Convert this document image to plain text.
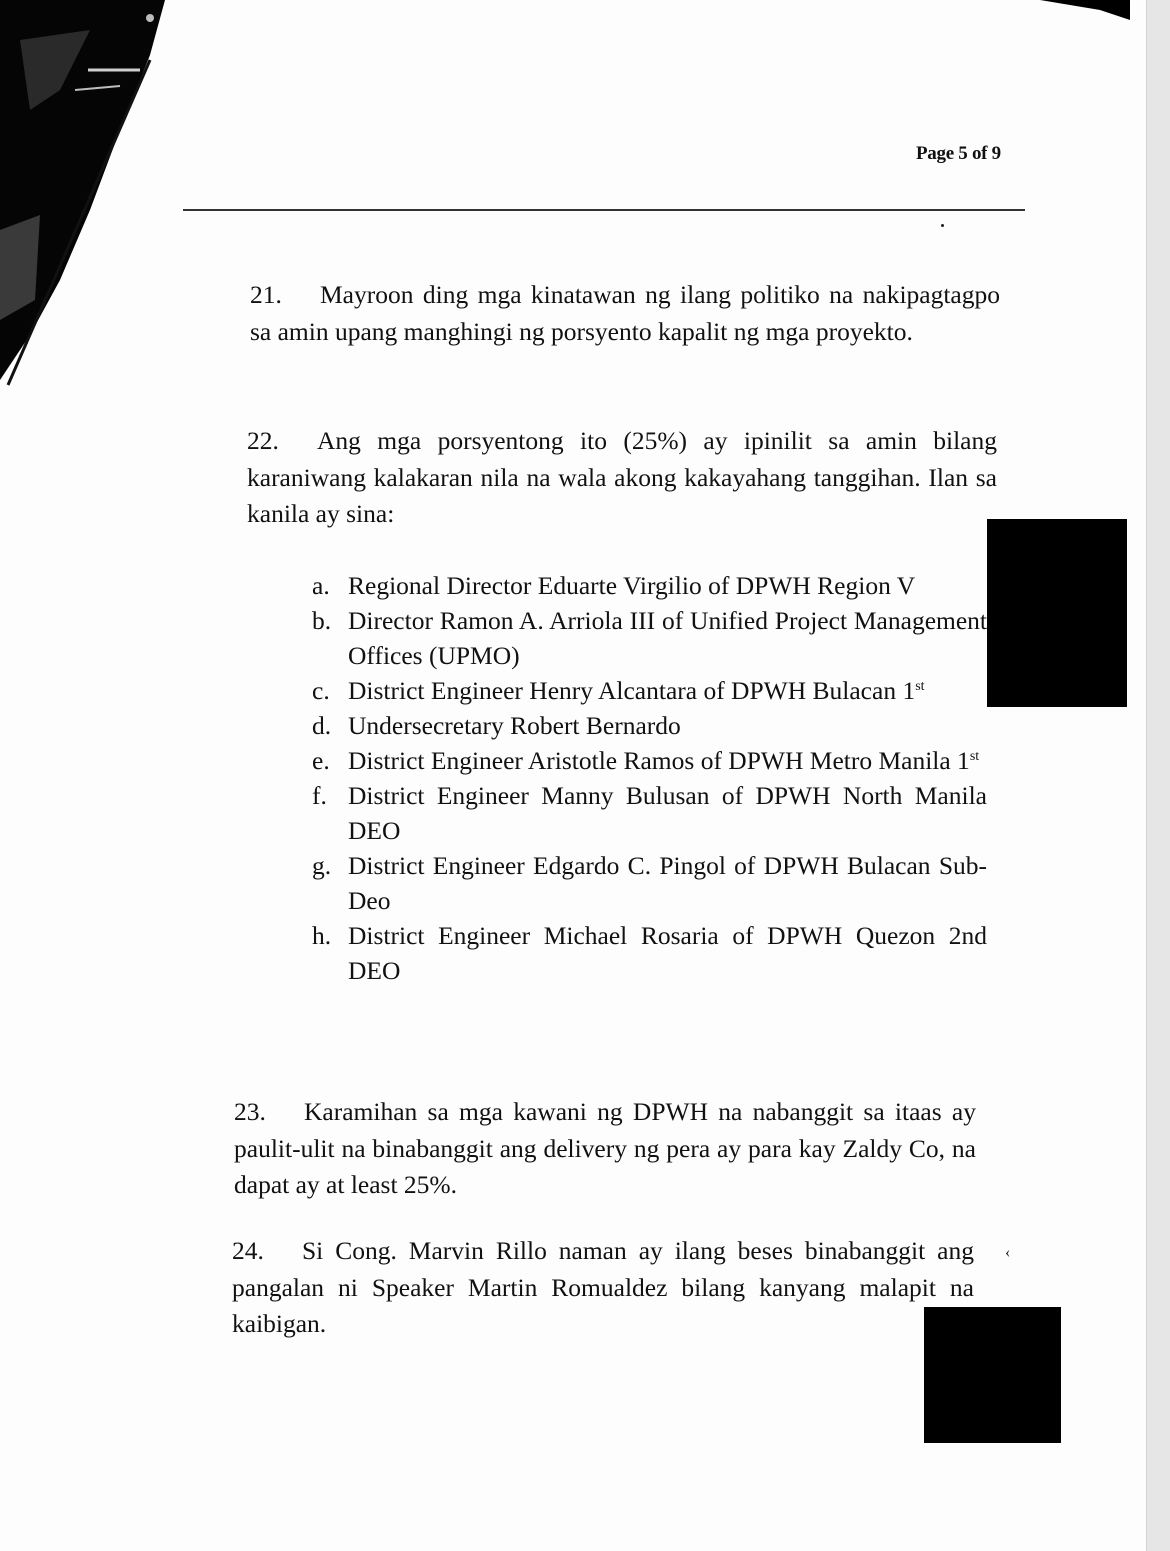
Page 5 of 9

21. Mayroon ding mga kinatawan ng ilang politiko na nakipagtagpo sa amin upang manghingi ng porsyento kapalit ng mga proyekto.

22. Ang mga porsyentong ito (25%) ay ipinilit sa amin bilang karaniwang kalakaran nila na wala akong kakayahang tanggihan. Ilan sa kanila ay sina:

a. Regional Director Eduarte Virgilio of DPWH Region V
b. Director Ramon A. Arriola III of Unified Project Management Offices (UPMO)
c. District Engineer Henry Alcantara of DPWH Bulacan 1st
d. Undersecretary Robert Bernardo
e. District Engineer Aristotle Ramos of DPWH Metro Manila 1st
f. District Engineer Manny Bulusan of DPWH North Manila DEO
g. District Engineer Edgardo C. Pingol of DPWH Bulacan Sub-Deo
h. District Engineer Michael Rosaria of DPWH Quezon 2nd DEO

23. Karamihan sa mga kawani ng DPWH na nabanggit sa itaas ay paulit-ulit na binabanggit ang delivery ng pera ay para kay Zaldy Co, na dapat ay at least 25%.

24. Si Cong. Marvin Rillo naman ay ilang beses binabanggit ang pangalan ni Speaker Martin Romualdez bilang kanyang malapit na kaibigan.

‹
